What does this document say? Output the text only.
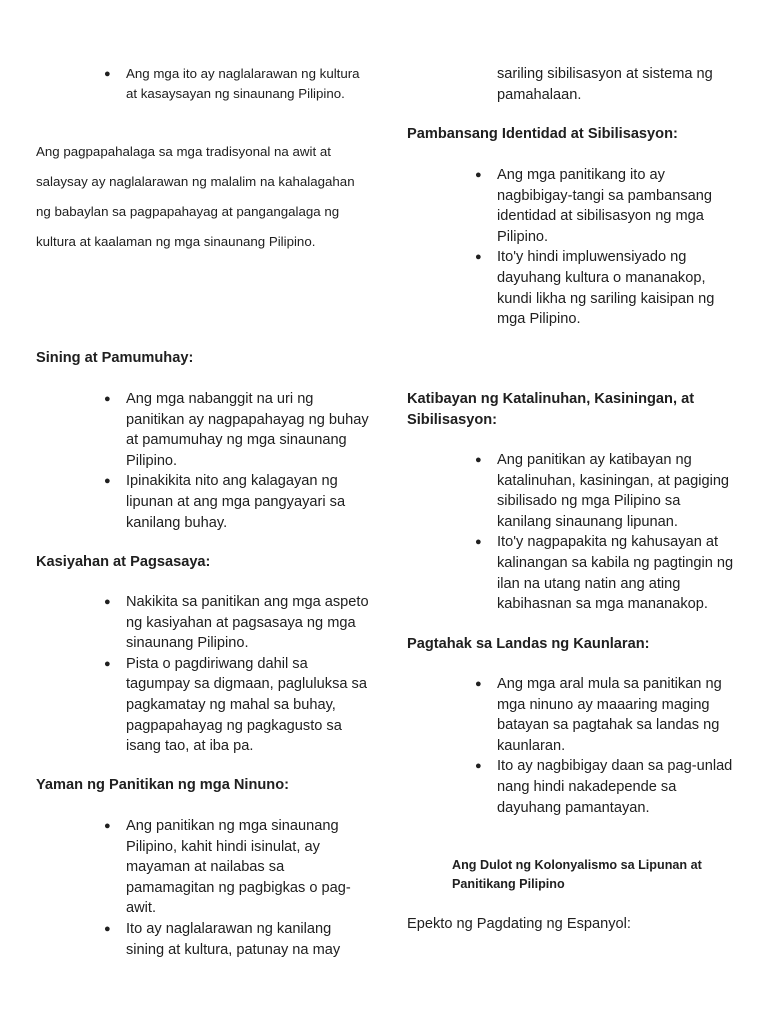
● Ang mga ito ay naglalarawan ng kultura at kasaysayan ng sinaunang Pilipino.

Ang pagpapahalaga sa mga tradisyonal na awit at salaysay ay naglalarawan ng malalim na kahalagahan ng babaylan sa pagpapahayag at pangangalaga ng kultura at kaalaman ng mga sinaunang Pilipino.

Sining at Pamumuhay:
● Ang mga nabanggit na uri ng panitikan ay nagpapahayag ng buhay at pamumuhay ng mga sinaunang Pilipino.
● Ipinakikita nito ang kalagayan ng lipunan at ang mga pangyayari sa kanilang buhay.
Kasiyahan at Pagsasaya:
● Nakikita sa panitikan ang mga aspeto ng kasiyahan at pagsasaya ng mga sinaunang Pilipino.
● Pista o pagdiriwang dahil sa tagumpay sa digmaan, pagluluksa sa pagkamatay ng mahal sa buhay, pagpapahayag ng pagkagusto sa isang tao, at iba pa.
Yaman ng Panitikan ng mga Ninuno:
● Ang panitikan ng mga sinaunang Pilipino, kahit hindi isinulat, ay mayaman at nailabas sa pamamagitan ng pagbigkas o pag-awit.
● Ito ay naglalarawan ng kanilang sining at kultura, patunay na may

sariling sibilisasyon at sistema ng pamahalaan.

Pambansang Identidad at Sibilisasyon:
● Ang mga panitikang ito ay nagbibigay-tangi sa pambansang identidad at sibilisasyon ng mga Pilipino.
● Ito'y hindi impluwensiyado ng dayuhang kultura o mananakop, kundi likha ng sariling kaisipan ng mga Pilipino.
Katibayan ng Katalinuhan, Kasiningan, at Sibilisasyon:
● Ang panitikan ay katibayan ng katalinuhan, kasiningan, at pagiging sibilisado ng mga Pilipino sa kanilang sinaunang lipunan.
● Ito'y nagpapakita ng kahusayan at kalinangan sa kabila ng pagtingin ng ilan na utang natin ang ating kabihasnan sa mga mananakop.
Pagtahak sa Landas ng Kaunlaran:
● Ang mga aral mula sa panitikan ng mga ninuno ay maaaring maging batayan sa pagtahak sa landas ng kaunlaran.
● Ito ay nagbibigay daan sa pag-unlad nang hindi nakadepende sa dayuhang pamantayan.
Ang Dulot ng Kolonyalismo sa Lipunan at Panitikang Pilipino

Epekto ng Pagdating ng Espanyol:
